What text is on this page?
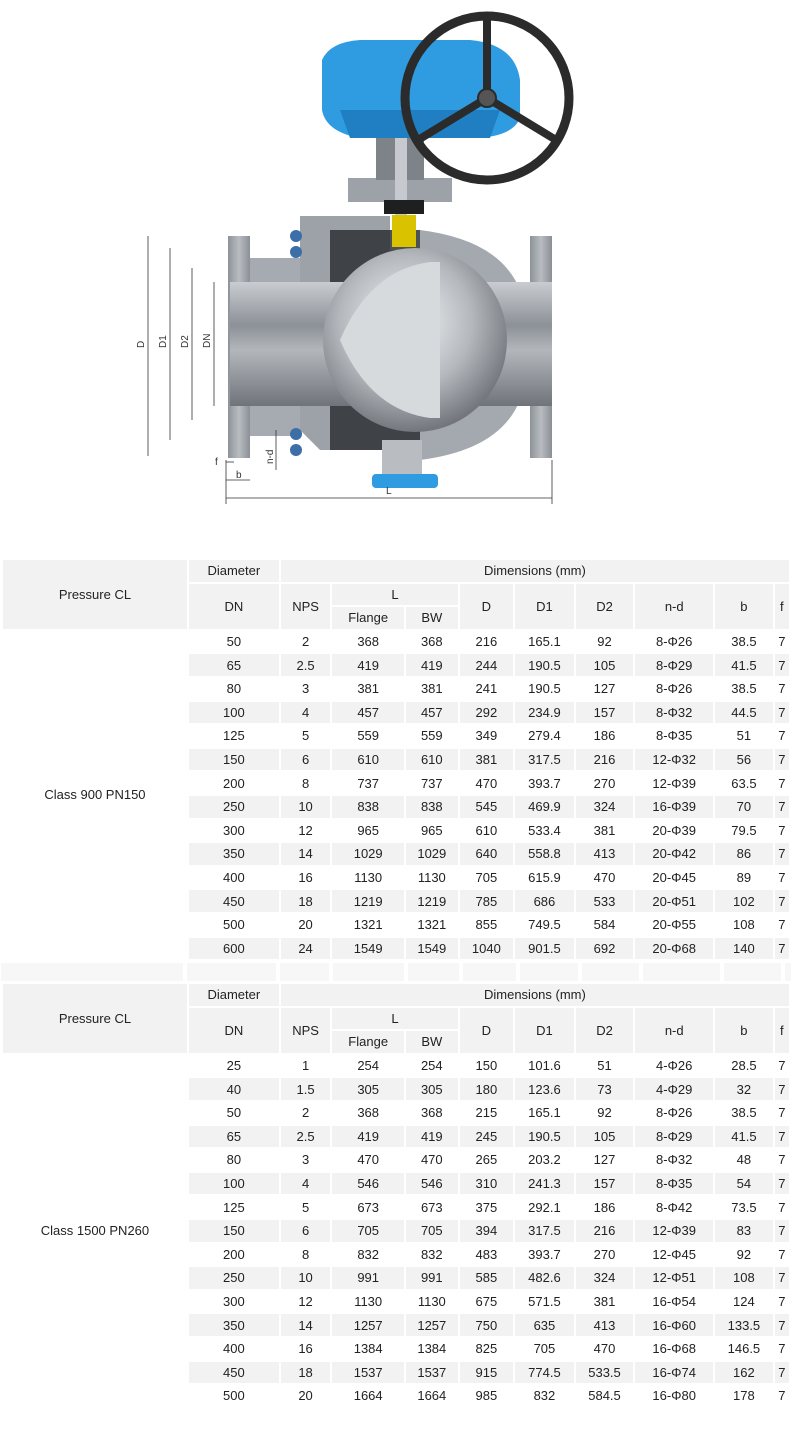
D D1 D2 DN
f
b
n-d
L
Pressure CL	Diameter	Dimensions (mm)								
	DN	NPS	L		D	D1	D2	n-d	b	f
			Flange	BW						
Class 900 PN150	50	2	368	368	216	165.1	92	8-Φ26	38.5	7
	65	2.5	419	419	244	190.5	105	8-Φ29	41.5	7
	80	3	381	381	241	190.5	127	8-Φ26	38.5	7
	100	4	457	457	292	234.9	157	8-Φ32	44.5	7
	125	5	559	559	349	279.4	186	8-Φ35	51	7
	150	6	610	610	381	317.5	216	12-Φ32	56	7
	200	8	737	737	470	393.7	270	12-Φ39	63.5	7
	250	10	838	838	545	469.9	324	16-Φ39	70	7
	300	12	965	965	610	533.4	381	20-Φ39	79.5	7
	350	14	1029	1029	640	558.8	413	20-Φ42	86	7
	400	16	1130	1130	705	615.9	470	20-Φ45	89	7
	450	18	1219	1219	785	686	533	20-Φ51	102	7
	500	20	1321	1321	855	749.5	584	20-Φ55	108	7
	600	24	1549	1549	1040	901.5	692	20-Φ68	140	7
Pressure CL	Diameter	Dimensions (mm)								
	DN	NPS	L		D	D1	D2	n-d	b	f
			Flange	BW						
Class 1500 PN260	25	1	254	254	150	101.6	51	4-Φ26	28.5	7
	40	1.5	305	305	180	123.6	73	4-Φ29	32	7
	50	2	368	368	215	165.1	92	8-Φ26	38.5	7
	65	2.5	419	419	245	190.5	105	8-Φ29	41.5	7
	80	3	470	470	265	203.2	127	8-Φ32	48	7
	100	4	546	546	310	241.3	157	8-Φ35	54	7
	125	5	673	673	375	292.1	186	8-Φ42	73.5	7
	150	6	705	705	394	317.5	216	12-Φ39	83	7
	200	8	832	832	483	393.7	270	12-Φ45	92	7
	250	10	991	991	585	482.6	324	12-Φ51	108	7
	300	12	1130	1130	675	571.5	381	16-Φ54	124	7
	350	14	1257	1257	750	635	413	16-Φ60	133.5	7
	400	16	1384	1384	825	705	470	16-Φ68	146.5	7
	450	18	1537	1537	915	774.5	533.5	16-Φ74	162	7
	500	20	1664	1664	985	832	584.5	16-Φ80	178	7
